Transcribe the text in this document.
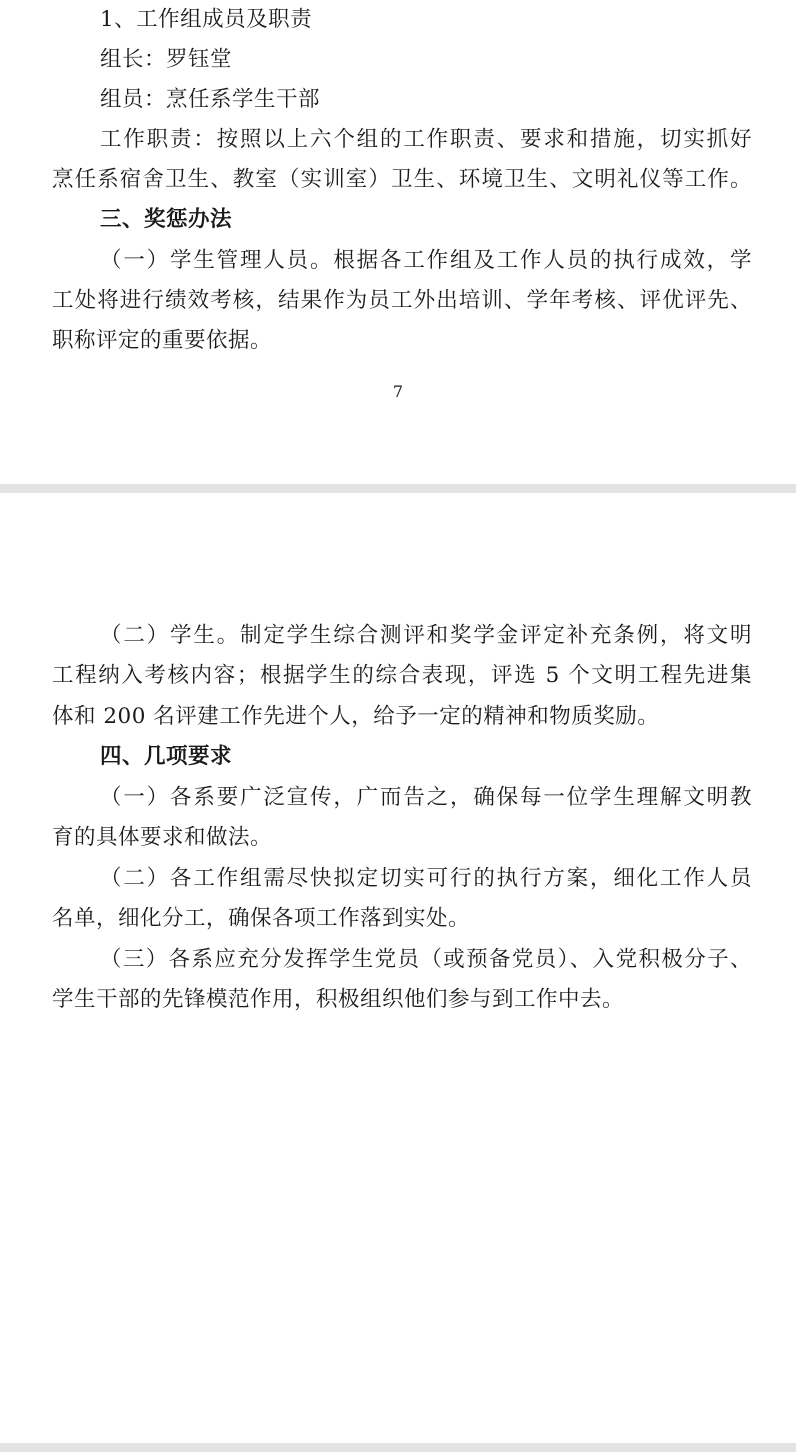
1、工作组成员及职责
组长：罗钰堂
组员：烹任系学生干部
工作职责：按照以上六个组的工作职责、要求和措施，切实抓好
烹任系宿舍卫生、教室（实训室）卫生、环境卫生、文明礼仪等工作。
三、奖惩办法
（一）学生管理人员。根据各工作组及工作人员的执行成效，学
工处将进行绩效考核，结果作为员工外出培训、学年考核、评优评先、
职称评定的重要依据。
7
（二）学生。制定学生综合测评和奖学金评定补充条例，将文明
工程纳入考核内容；根据学生的综合表现，评选 5 个文明工程先进集
体和 200 名评建工作先进个人，给予一定的精神和物质奖励。
四、几项要求
（一）各系要广泛宣传，广而告之，确保每一位学生理解文明教
育的具体要求和做法。
（二）各工作组需尽快拟定切实可行的执行方案，细化工作人员
名单，细化分工，确保各项工作落到实处。
（三）各系应充分发挥学生党员（或预备党员）、入党积极分子、
学生干部的先锋模范作用，积极组织他们参与到工作中去。
